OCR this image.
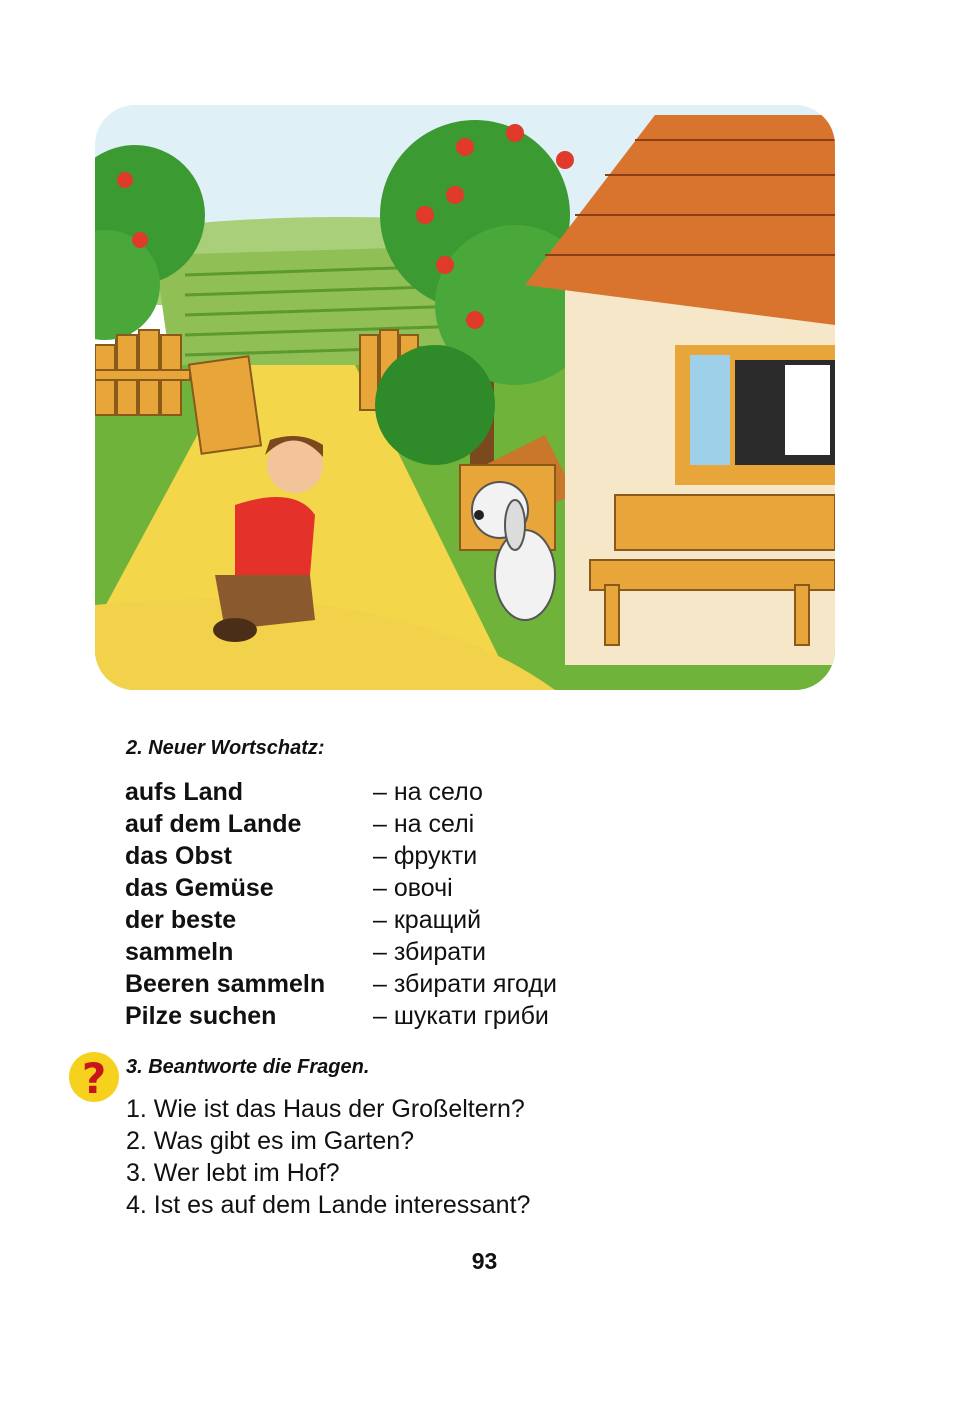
2. Neuer Wortschatz:
aufs Land	– на село
auf dem Lande	– на селі
das Obst	– фрукти
das Gemüse	– овочі
der beste	– кращий
sammeln	– збирати
Beeren sammeln	– збирати ягоди
Pilze suchen	– шукати гриби
? 3. Beantworte die Fragen.
1. Wie ist das Haus der Großeltern?
2. Was gibt es im Garten?
3. Wer lebt im Hof?
4. Ist es auf dem Lande interessant?
93
